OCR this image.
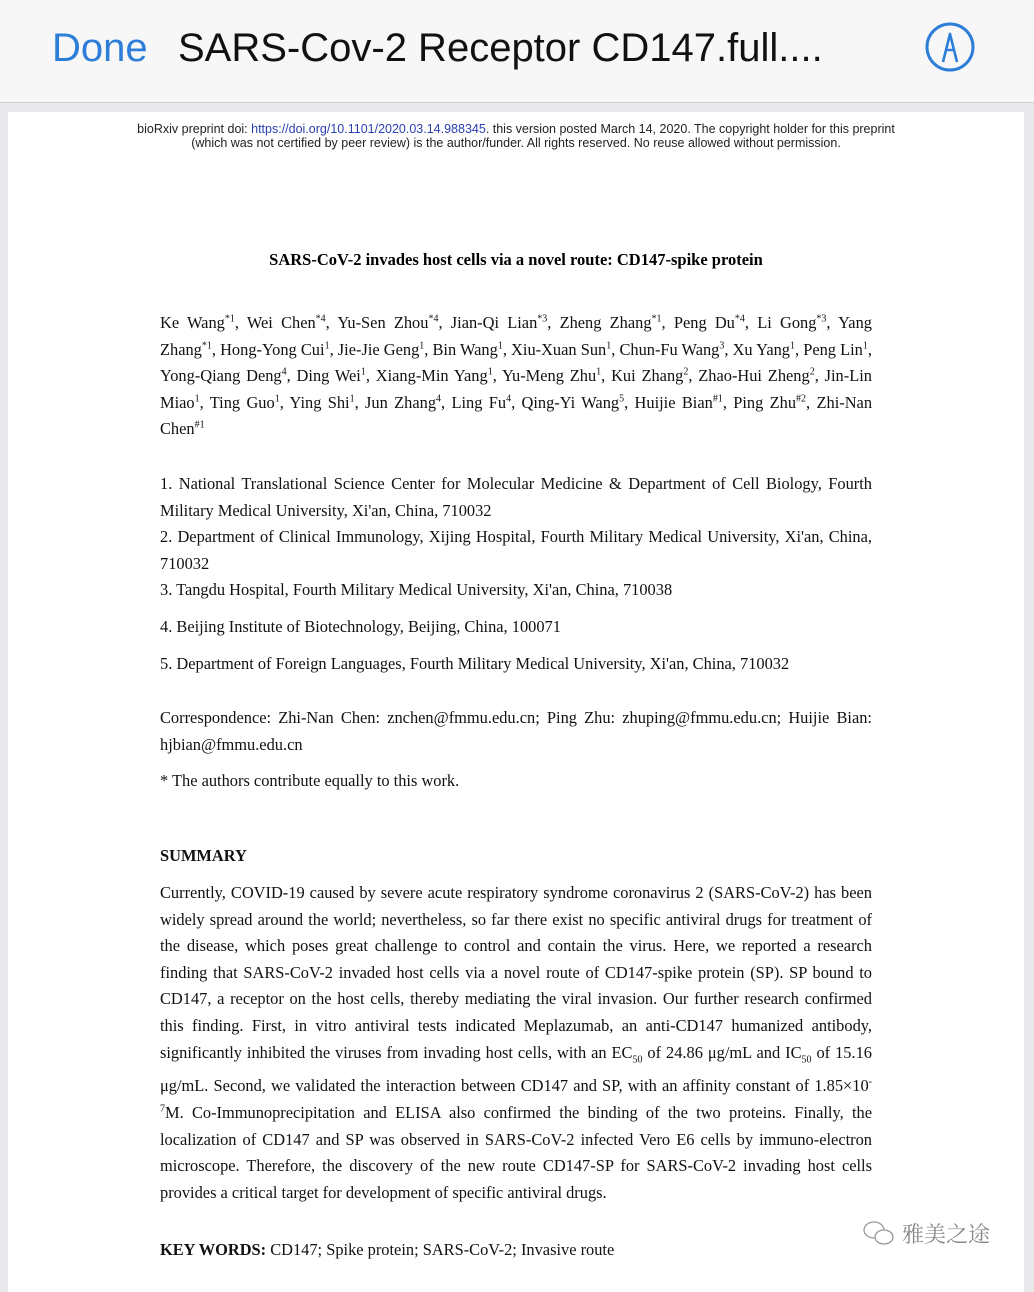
Done SARS-Cov-2 Receptor CD147.full....
bioRxiv preprint doi: https://doi.org/10.1101/2020.03.14.988345. this version posted March 14, 2020. The copyright holder for this preprint
(which was not certified by peer review) is the author/funder. All rights reserved. No reuse allowed without permission.
SARS-CoV-2 invades host cells via a novel route: CD147-spike protein
Ke Wang$^{*1}$, Wei Chen$^{*4}$, Yu-Sen Zhou$^{*4}$, Jian-Qi Lian$^{*3}$, Zheng Zhang$^{*1}$, Peng Du$^{*4}$, Li Gong$^{*3}$, Yang Zhang$^{*1}$, Hong-Yong Cui$^1$, Jie-Jie Geng$^1$, Bin Wang$^1$, Xiu-Xuan Sun$^1$, Chun-Fu Wang$^3$, Xu Yang$^1$, Peng Lin$^1$, Yong-Qiang Deng$^4$, Ding Wei$^1$, Xiang-Min Yang$^1$, Yu-Meng Zhu$^1$, Kui Zhang$^2$, Zhao-Hui Zheng$^2$, Jin-Lin Miao$^1$, Ting Guo$^1$, Ying Shi$^1$, Jun Zhang$^4$, Ling Fu$^4$, Qing-Yi Wang$^5$, Huijie Bian$^{\#1}$, Ping Zhu$^{\#2}$, Zhi-Nan Chen$^{\#1}$

1. National Translational Science Center for Molecular Medicine & Department of Cell Biology, Fourth Military Medical University, Xi'an, China, 710032

2. Department of Clinical Immunology, Xijing Hospital, Fourth Military Medical University, Xi'an, China, 710032

3. Tangdu Hospital, Fourth Military Medical University, Xi'an, China, 710038

4. Beijing Institute of Biotechnology, Beijing, China, 100071

5. Department of Foreign Languages, Fourth Military Medical University, Xi'an, China, 710032

Correspondence: Zhi-Nan Chen: znchen@fmmu.edu.cn; Ping Zhu: zhuping@fmmu.edu.cn; Huijie Bian: hjbian@fmmu.edu.cn
* The authors contribute equally to this work.
SUMMARY
Currently, COVID-19 caused by severe acute respiratory syndrome coronavirus 2 (SARS-CoV-2) has been widely spread around the world; nevertheless, so far there exist no specific antiviral drugs for treatment of the disease, which poses great challenge to control and contain the virus. Here, we reported a research finding that SARS-CoV-2 invaded host cells via a novel route of CD147-spike protein (SP). SP bound to CD147, a receptor on the host cells, thereby mediating the viral invasion. Our further research confirmed this finding. First, in vitro antiviral tests indicated Meplazumab, an anti-CD147 humanized antibody, significantly inhibited the viruses from invading host cells, with an $EC_{50}$ of 24.86 μg/mL and $IC_{50}$ of 15.16 μg/mL. Second, we validated the interaction between CD147 and SP, with an affinity constant of $1.85\times 10^{-7}M$. Co-Immunoprecipitation and ELISA also confirmed the binding of the two proteins. Finally, the localization of CD147 and SP was observed in SARS-CoV-2 infected Vero E6 cells by immuno-electron microscope. Therefore, the discovery of the new route CD147-SP for SARS-CoV-2 invading host cells provides a critical target for development of specific antiviral drugs.
KEY WORDS: CD147; Spike protein; SARS-CoV-2; Invasive route
雅美之途
